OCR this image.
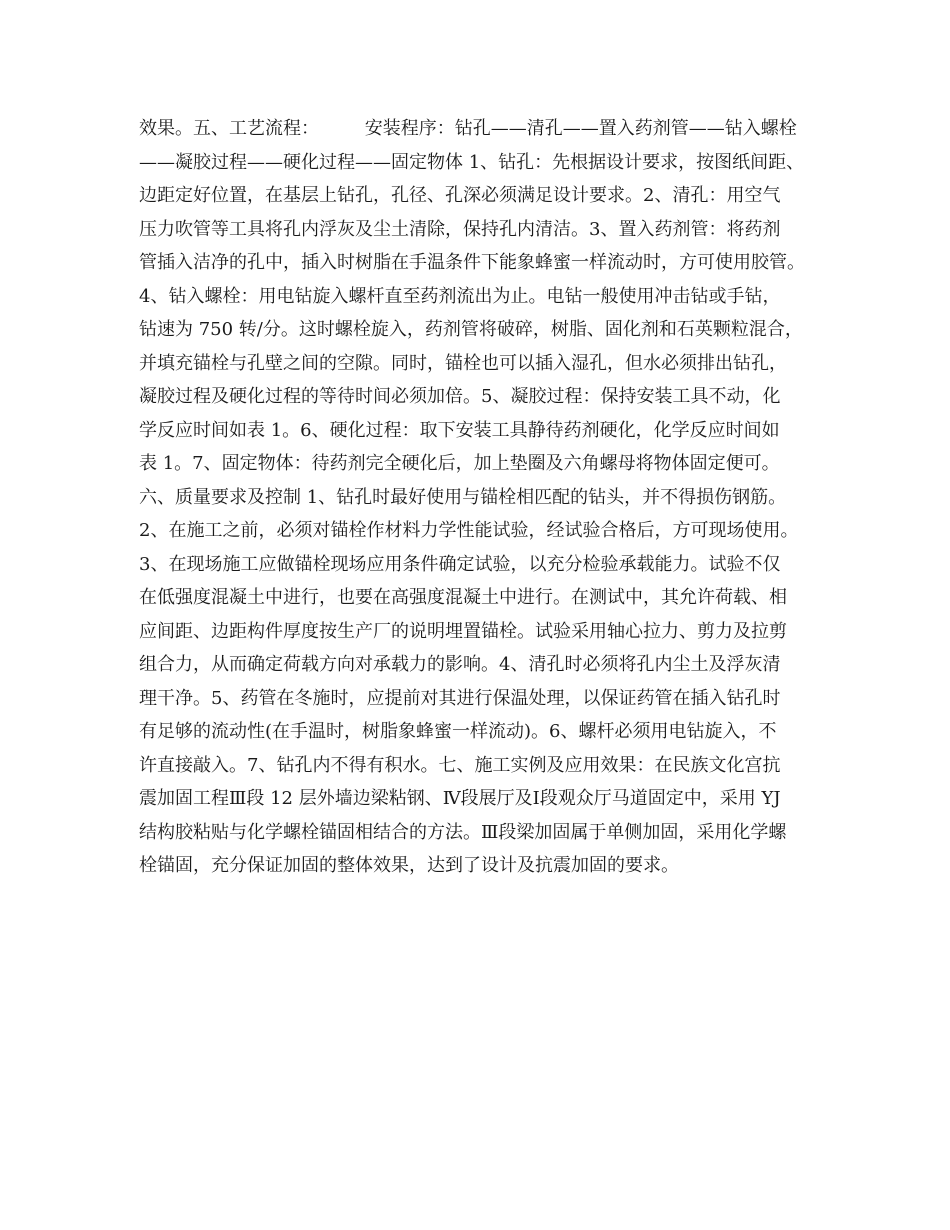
效果。五、工艺流程：        安装程序：钻孔——清孔——置入药剂管——钻入螺栓
——凝胶过程——硬化过程——固定物体 1、钻孔：先根据设计要求，按图纸间距、
边距定好位置，在基层上钻孔，孔径、孔深必须满足设计要求。2、清孔：用空气
压力吹管等工具将孔内浮灰及尘土清除，保持孔内清洁。3、置入药剂管：将药剂
管插入洁净的孔中，插入时树脂在手温条件下能象蜂蜜一样流动时，方可使用胶管。
4、钻入螺栓：用电钻旋入螺杆直至药剂流出为止。电钻一般使用冲击钻或手钻，
钻速为 750 转/分。这时螺栓旋入，药剂管将破碎，树脂、固化剂和石英颗粒混合，
并填充锚栓与孔壁之间的空隙。同时，锚栓也可以插入湿孔，但水必须排出钻孔，
凝胶过程及硬化过程的等待时间必须加倍。5、凝胶过程：保持安装工具不动，化
学反应时间如表 1。6、硬化过程：取下安装工具静待药剂硬化，化学反应时间如
表 1。7、固定物体：待药剂完全硬化后，加上垫圈及六角螺母将物体固定便可。
六、质量要求及控制 1、钻孔时最好使用与锚栓相匹配的钻头，并不得损伤钢筋。
2、在施工之前，必须对锚栓作材料力学性能试验，经试验合格后，方可现场使用。
3、在现场施工应做锚栓现场应用条件确定试验，以充分检验承载能力。试验不仅
在低强度混凝土中进行，也要在高强度混凝土中进行。在测试中，其允许荷载、相
应间距、边距构件厚度按生产厂的说明埋置锚栓。试验采用轴心拉力、剪力及拉剪
组合力，从而确定荷载方向对承载力的影响。4、清孔时必须将孔内尘土及浮灰清
理干净。5、药管在冬施时，应提前对其进行保温处理，以保证药管在插入钻孔时
有足够的流动性(在手温时，树脂象蜂蜜一样流动)。6、螺杆必须用电钻旋入，不
许直接敲入。7、钻孔内不得有积水。七、施工实例及应用效果：在民族文化宫抗
震加固工程Ⅲ段 12 层外墙边梁粘钢、Ⅳ段展厅及Ⅰ段观众厅马道固定中，采用 YJ
结构胶粘贴与化学螺栓锚固相结合的方法。Ⅲ段梁加固属于单侧加固，采用化学螺
栓锚固，充分保证加固的整体效果，达到了设计及抗震加固的要求。
